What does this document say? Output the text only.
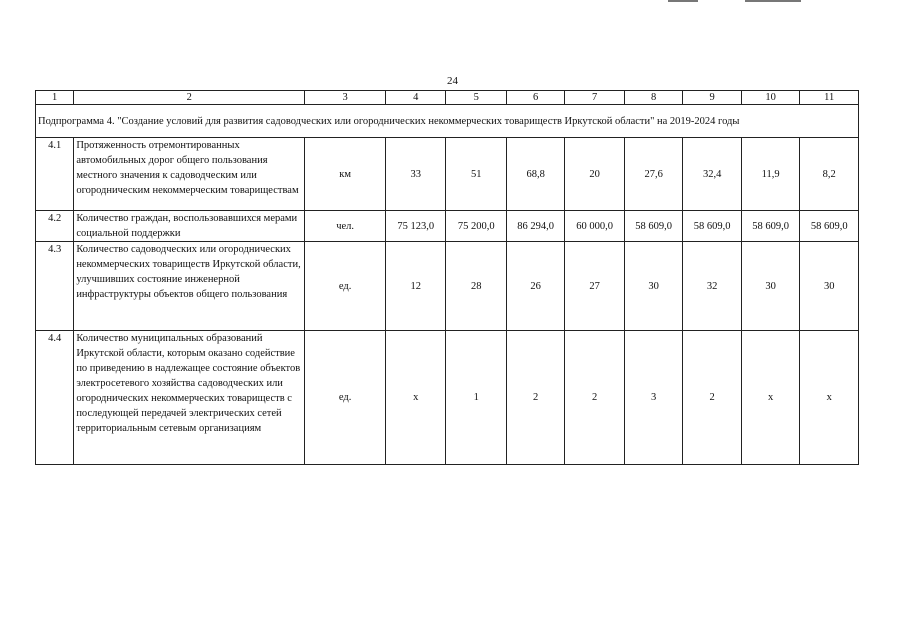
24
1	2	3	4	5	6	7	8	9	10	11
Подпрограмма 4. "Создание условий для развития садоводческих или огороднических некоммерческих товариществ Иркутской области" на 2019-2024 годы										
4.1	Протяженность отремонтированных автомобильных дорог общего пользования местного значения к садоводческим или огородническим некоммерческим товариществам	км	33	51	68,8	20	27,6	32,4	11,9	8,2
4.2	Количество граждан, воспользовавшихся мерами социальной поддержки	чел.	75 123,0	75 200,0	86 294,0	60 000,0	58 609,0	58 609,0	58 609,0	58 609,0
4.3	Количество садоводческих или огороднических некоммерческих товариществ Иркутской области, улучшивших состояние инженерной инфраструктуры объектов общего пользования	ед.	12	28	26	27	30	32	30	30
4.4	Количество муниципальных образований Иркутской области, которым оказано содействие по приведению в надлежащее состояние объектов электросетевого хозяйства садоводческих или огороднических некоммерческих товариществ с последующей передачей электрических сетей территориальным сетевым организациям	ед.	х	1	2	2	3	2	х	х
